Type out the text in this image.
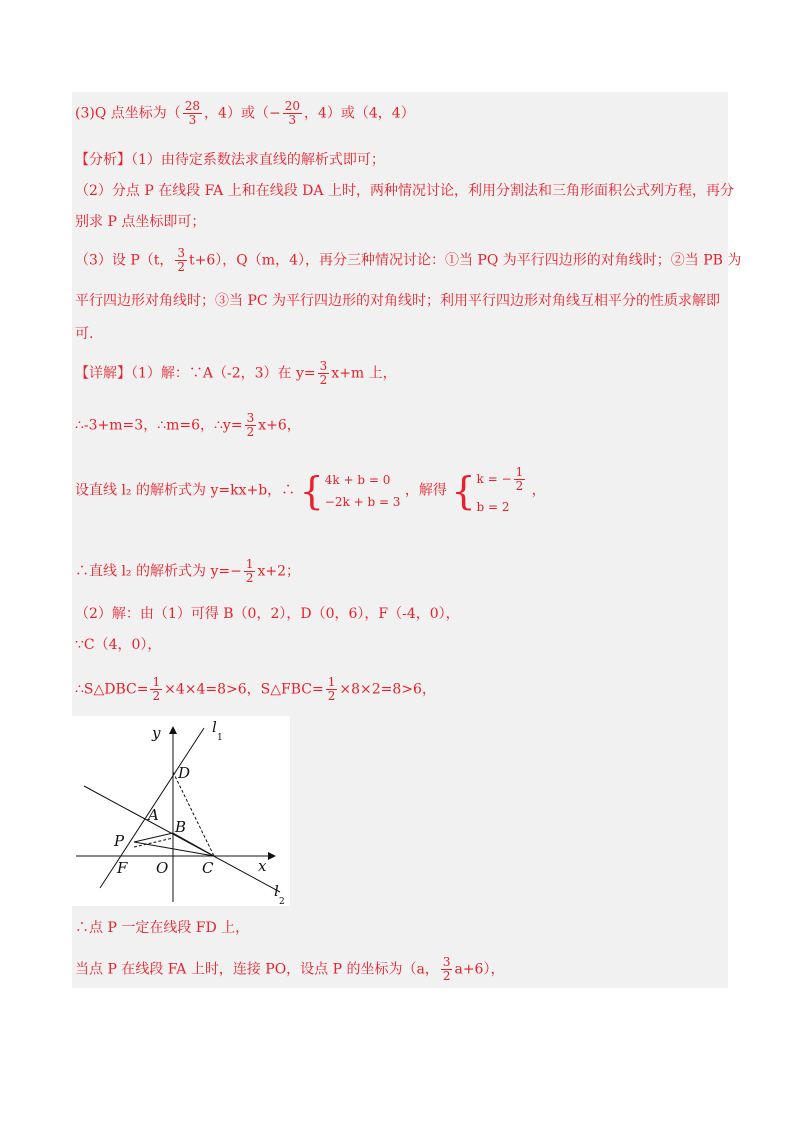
(3)Q 点坐标为（ $\frac{28}{3}$ ，4）或（− $\frac{20}{3}$ ，4）或（4，4）
【分析】（1）由待定系数法求直线的解析式即可；
（2）分点 P 在线段 FA 上和在线段 DA 上时，两种情况讨论，利用分割法和三角形面积公式列方程，再分
别求 P 点坐标即可；
（3）设 P（t， $\frac{3}{2} t+6$），Q（m，4），再分三种情况讨论：①当 PQ 为平行四边形的对角线时；②当 PB 为
平行四边形对角线时；③当 PC 为平行四边形的对角线时；利用平行四边形对角线互相平分的性质求解即
可.
【详解】（1）解：∵A（-2，3）在 $y= \frac{3}{2} x+m$ 上，
∴-3+m=3，∴m=6，∴y= $\frac{3}{2} x+6$，
设直线 l₂ 的解析式为 y=kx+b，∴ { 4k + b = 0
−2k + b = 3
，解得 { k = − $\frac{1}{2}$
b = 2
，
∴直线 l₂ 的解析式为 $y=- \frac{1}{2} x+2$；
（2）解：由（1）可得 B（0，2），D（0，6），F（-4，0），
∵C（4，0），
∴S△DBC= $\frac{1}{2} \times 4\times 4=8>6$，S△FBC= $\frac{1}{2} \times 8\times 2=8>6$，
y	l
1
D
A
B
P
F O C	x
l
2
∴点 P 一定在线段 FD 上，
当点 P 在线段 FA 上时，连接 PO，设点 P 的坐标为（a， $\frac{3}{2} a+6$），
